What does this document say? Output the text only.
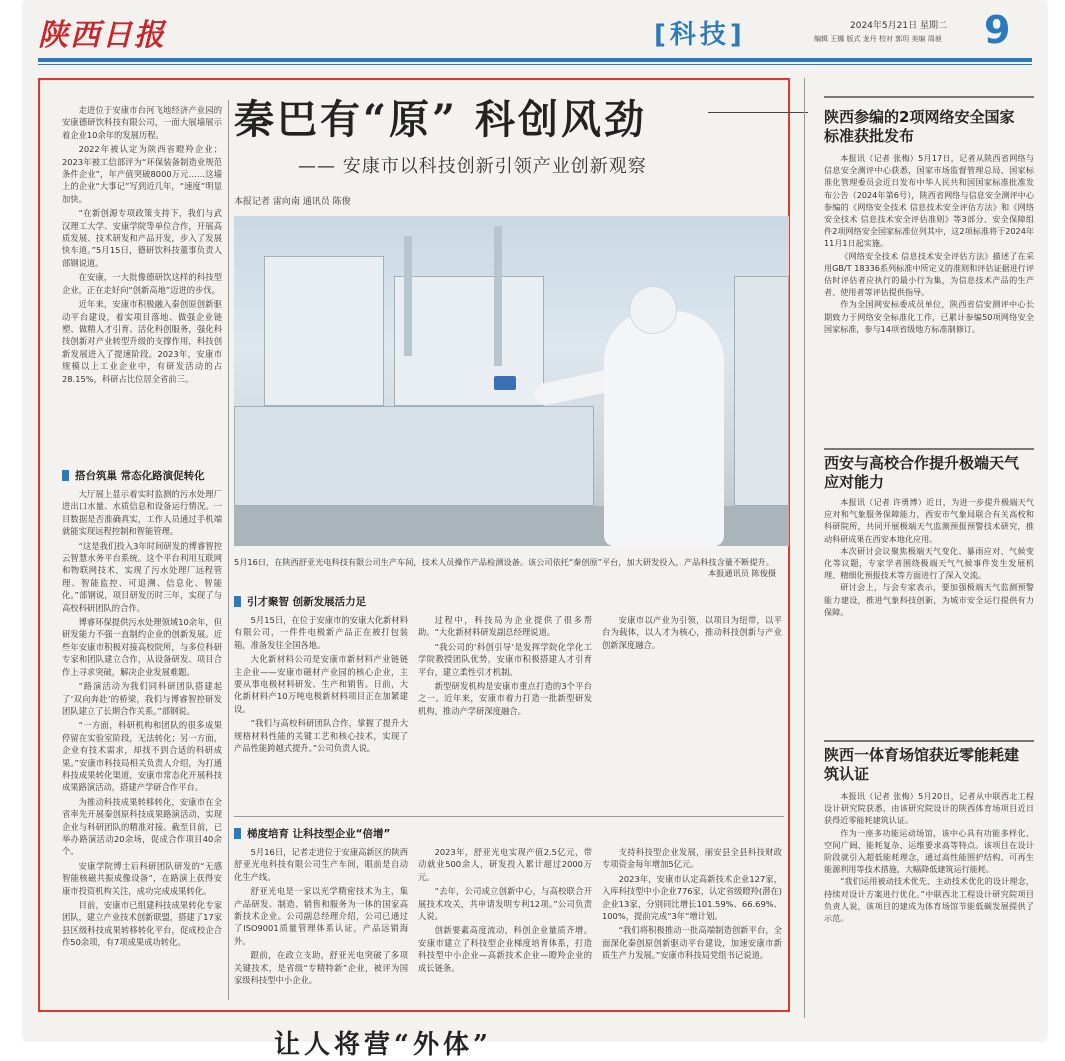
陕西日报	[科技]	2024年5月21日 星期二
编辑 王娜 版式 龙丹 校对 郭玥 美编 周昶 9
秦巴有“原” 科创风劲
—— 安康市以科技创新引领产业创新观察
本报记者 雷向南 通讯员 陈俊

走进位于安康市台河飞地经济产业园的安康德研饮科技有限公司，一面大展墙展示着企业10余年的发展历程。

2022年被认定为陕西省瞪羚企业；2023年被工信部评为“环保装备制造业规范条件企业”，年产值突破8000万元……这墙上的企业“大事记”写到近几年，“速度”明显加快。

“在新创源专项政策支持下，我们与武汉理工大学、安康学院等单位合作，开展高质发展、技术研发和产品开发，步入了发展快车道。”5月15日，德研饮科技董事负责人部钢说道。

在安康，一大批像德研饮这样的科技型企业，正在走好向“创新高地”迈进的步伐。

近年来，安康市积极融入秦创原创新驱动平台建设，着实项目落地、做强企业链塑、做精人才引育、活化科创服务，强化科技创新对产业转型升级的支撑作用，科技创新发展进入了提速阶段。2023年，安康市规模以上工业企业中，有研发活动的占28.15%，科研占比位居全省前三。

5月16日，在陕西舒亚光电科技有限公司生产车间，技术人员操作产品检测设备。该公司依托“秦创原”平台，加大研发投入，产品科技含量不断提升。
本报通讯员 陈俊摄
搭台筑巢 常态化路演促转化

大厅展上显示着实时监测的污水处理厂进出口水量、水质信息和设备运行情况。一目数据是否准确真实，工作人员通过手机端就能实现远程控制和智能管理。

“这是我们投入3年时间研发的博睿智控云智慧水务平台系统。这个平台利用互联网和物联网技术，实现了污水处理厂远程管理、智能监控、可追溯、信息化、智能化。”部钢说，项目研发历时三年，实现了与高校科研团队的合作。

博睿环保提供污水处理领域10余年，但研发能力不强一直制约企业的创新发展。近些年安康市积极对接高校院所，与多位科研专家和团队建立合作，从设备研发、项目合作上寻求突破，解决企业发展难题。

“路演活动为我们同科研团队搭建起了‘双向奔赴’的桥梁，我们与博睿智控研发团队建立了长期合作关系。”部钢说。

“一方面，科研机构和团队的很多成果停留在实验室阶段，无法转化；另一方面，企业有技术需求，却找不到合适的科研成果。”安康市科技局相关负责人介绍，为打通科技成果转化渠道，安康市常态化开展科技成果路演活动，搭建产学研合作平台。

为推动科技成果转移转化，安康市在全省率先开展秦创原科技成果路演活动，实现企业与科研团队的精准对接。截至目前，已举办路演活动20余场，促成合作项目40余个。

安康学院博士后科研团队研发的“无感智能核磁共振成像设备”，在路演上获得安康市投资机构关注，成功完成成果转化。

目前，安康市已组建科技成果转化专家团队，建立产业技术创新联盟，搭建了17家县区级科技成果转移转化平台，促成校企合作50余项，有7项成果成功转化。

引才聚智 创新发展活力足

5月15日，在位于安康市的安康大化新材料有限公司，一件件电极新产品正在被打包装箱，准备发往全国各地。

大化新材料公司是安康市新材料产业链链主企业——安康市磁材产业园的核心企业，主要从事电极材料研发、生产和销售。日前，大化新材料产10万吨电极新材料项目正在加紧建设。

“我们与高校科研团队合作，掌握了提升大规格材料性能的关键工艺和核心技术，实现了产品性能跨越式提升。”公司负责人说。

过程中，科技局为企业提供了很多帮助。“大化新材料研发副总经理说道。

“我公司的‘科创引导’是发挥学院化学化工学院教授团队优势，安康市积极搭建人才引育平台，建立柔性引才机制。

新型研发机构是安康市重点打造的3个平台之一。近年来，安康市着力打造一批新型研发机构，推动产学研深度融合。

安康市以产业为引领，以项目为纽带，以平台为载体，以人才为核心，推动科技创新与产业创新深度融合。

梯度培育 让科技型企业“倍增”

5月16日，记者走进位于安康高新区的陕西舒亚光电科技有限公司生产车间，眼前是自动化生产线。

舒亚光电是一家以光学精密技术为主，集产品研发、制造、销售和服务为一体的国家高新技术企业。公司副总经理介绍，公司已通过了ISO9001质量管理体系认证，产品远销海外。

跟前，在政立支助，舒亚光电突破了多项关键技术，是省级“专精特新”企业，被评为国家级科技型中小企业。

2023年，舒亚光电实现产值2.5亿元，带动就业500余人，研发投入累计超过2000万元。

“去年，公司成立创新中心，与高校联合开展技术攻关，共申请发明专利12项。”公司负责人说。

创新要素高度流动，科创企业量质齐增。安康市建立了科技型企业梯度培育体系，打造科技型中小企业—高新技术企业—瞪羚企业的成长链条。

支持科技型企业发展，丽安县全县科技财政专项资金每年增加5亿元。

2023年，安康市认定高新技术企业127家，入库科技型中小企业776家，认定省级瞪羚(潜在)企业13家，分别同比增长101.59%、66.69%、100%，提前完成“3年”增计划。

“我们将积极推动一批高端制造创新平台，全面深化秦创原创新驱动平台建设，加速安康市新质生产力发展。”安康市科技局党组书记说道。

陕西参编的2项网络安全国家标准获批发布

本报讯（记者 张梅）5月17日，记者从陕西省网络与信息安全测评中心获悉，国家市场监督管理总局、国家标准化管理委员会近日发布中华人民共和国国家标准批准发布公告（2024年第6号），陕西省网络与信息安全测评中心参编的《网络安全技术 信息技术安全评估方法》和《网络安全技术 信息技术安全评估准则》等3部分、安全保障组件2项网络安全国家标准位列其中，这2项标准将于2024年11月1日起实施。

《网络安全技术 信息技术安全评估方法》描述了在采用GB/T 18336系列标准中所定义的准则和评估证据进行评估时评估者应执行的最小行为集，为信息技术产品的生产者、使用者等评估提供指导。

作为全国网安标委成员单位，陕西省信安测评中心长期致力于网络安全标准化工作，已累计参编50项网络安全国家标准，参与14项省级地方标准制修订。

西安与高校合作提升极端天气应对能力

本报讯（记者 许勇博）近日，为进一步提升极端天气应对和气象服务保障能力，西安市气象局联合有关高校和科研院所，共同开展极端天气监测预报预警技术研究，推动科研成果在西安本地化应用。

本次研讨会议聚焦极端天气变化、暴雨应对、气候变化等议题，专家学者围绕极端天气气候事件发生发展机理、精细化预报技术等方面进行了深入交流。

研讨会上，与会专家表示，要加强极端天气监测预警能力建设，推进气象科技创新，为城市安全运行提供有力保障。

陕西一体育场馆获近零能耗建筑认证

本报讯（记者 张梅）5月20日，记者从中联西北工程设计研究院获悉，由该研究院设计的陕西体育场项目近日获得近零能耗建筑认证。

作为一座多功能运动场馆，该中心具有功能多样化、空间广阔、能耗复杂、运维要求高等特点。该项目在设计阶段就引入超低能耗理念，通过高性能围护结构、可再生能源利用等技术措施，大幅降低建筑运行能耗。

“我们运用被动技术优先、主动技术优化的设计理念，持续对设计方案进行优化。”中联西北工程设计研究院项目负责人说，该项目的建成为体育场馆节能低碳发展提供了示范。

让人将营“外体”
